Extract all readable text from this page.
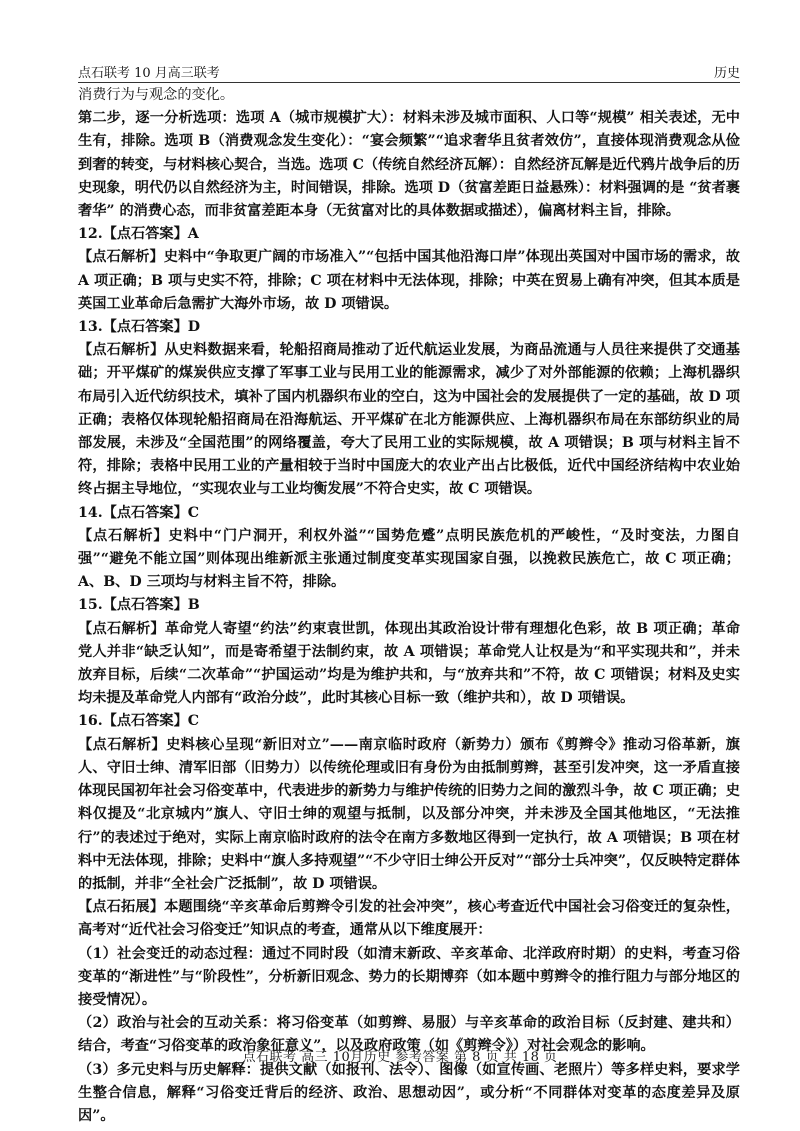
点石联考 10 月高三联考	历史

消费行为与观念的变化。

第二步，逐一分析选项：选项 A（城市规模扩大）：材料未涉及城市面积、人口等“规模” 相关表述，无中生有，排除。选项 B（消费观念发生变化）：“宴会频繁”“追求奢华且贫者效仿”，直接体现消费观念从俭到奢的转变，与材料核心契合，当选。选项 C（传统自然经济瓦解）：自然经济瓦解是近代鸦片战争后的历史现象，明代仍以自然经济为主，时间错误，排除。选项 D（贫富差距日益悬殊）：材料强调的是 “贫者裹奢华” 的消费心态，而非贫富差距本身（无贫富对比的具体数据或描述），偏离材料主旨，排除。

12.【点石答案】A

【点石解析】史料中“争取更广阔的市场准入”“包括中国其他沿海口岸”体现出英国对中国市场的需求，故 A 项正确；B 项与史实不符，排除；C 项在材料中无法体现，排除；中英在贸易上确有冲突，但其本质是英国工业革命后急需扩大海外市场，故 D 项错误。

13.【点石答案】D

【点石解析】从史料数据来看，轮船招商局推动了近代航运业发展，为商品流通与人员往来提供了交通基础；开平煤矿的煤炭供应支撑了军事工业与民用工业的能源需求，减少了对外部能源的依赖；上海机器织布局引入近代纺织技术，填补了国内机器织布业的空白，这为中国社会的发展提供了一定的基础，故 D 项正确；表格仅体现轮船招商局在沿海航运、开平煤矿在北方能源供应、上海机器织布局在东部纺织业的局部发展，未涉及“全国范围”的网络覆盖，夸大了民用工业的实际规模，故 A 项错误；B 项与材料主旨不符，排除；表格中民用工业的产量相较于当时中国庞大的农业产出占比极低，近代中国经济结构中农业始终占据主导地位，“实现农业与工业均衡发展”不符合史实，故 C 项错误。

14.【点石答案】C

【点石解析】史料中“门户洞开，利权外溢”“国势危蹙”点明民族危机的严峻性，“及时变法，力图自强”“避免不能立国”则体现出维新派主张通过制度变革实现国家自强，以挽救民族危亡，故 C 项正确；A、B、D 三项均与材料主旨不符，排除。

15.【点石答案】B

【点石解析】革命党人寄望“约法”约束袁世凯，体现出其政治设计带有理想化色彩，故 B 项正确；革命党人并非“缺乏认知”，而是寄希望于法制约束，故 A 项错误；革命党人让权是为“和平实现共和”，并未放弃目标，后续“二次革命”“护国运动”均是为维护共和，与“放弃共和”不符，故 C 项错误；材料及史实均未提及革命党人内部有“政治分歧”，此时其核心目标一致（维护共和），故 D 项错误。

16.【点石答案】C

【点石解析】史料核心呈现“新旧对立”——南京临时政府（新势力）颁布《剪辫令》推动习俗革新，旗人、守旧士绅、清军旧部（旧势力）以传统伦理或旧有身份为由抵制剪辫，甚至引发冲突，这一矛盾直接体现民国初年社会习俗变革中，代表进步的新势力与维护传统的旧势力之间的激烈斗争，故 C 项正确；史料仅提及“北京城内”旗人、守旧士绅的观望与抵制，以及部分冲突，并未涉及全国其他地区，“无法推行”的表述过于绝对，实际上南京临时政府的法令在南方多数地区得到一定执行，故 A 项错误；B 项在材料中无法体现，排除；史料中“旗人多持观望”“不少守旧士绅公开反对”“部分士兵冲突”，仅反映特定群体的抵制，并非“全社会广泛抵制”，故 D 项错误。

【点石拓展】本题围绕“辛亥革命后剪辫令引发的社会冲突”，核心考查近代中国社会习俗变迁的复杂性，高考对“近代社会习俗变迁”知识点的考查，通常从以下维度展开：

（1）社会变迁的动态过程：通过不同时段（如清末新政、辛亥革命、北洋政府时期）的史料，考查习俗变革的“渐进性”与“阶段性”，分析新旧观念、势力的长期博弈（如本题中剪辫令的推行阻力与部分地区的接受情况）。

（2）政治与社会的互动关系：将习俗变革（如剪辫、易服）与辛亥革命的政治目标（反封建、建共和）结合，考查“习俗变革的政治象征意义”，以及政府政策（如《剪辫令》）对社会观念的影响。

（3）多元史料与历史解释：提供文献（如报刊、法令）、图像（如宣传画、老照片）等多样史料，要求学生整合信息，解释“习俗变迁背后的经济、政治、思想动因”，或分析“不同群体对变革的态度差异及原因”。

点石联考 高三 10月历史 参考答案 第 8 页 共 18 页
